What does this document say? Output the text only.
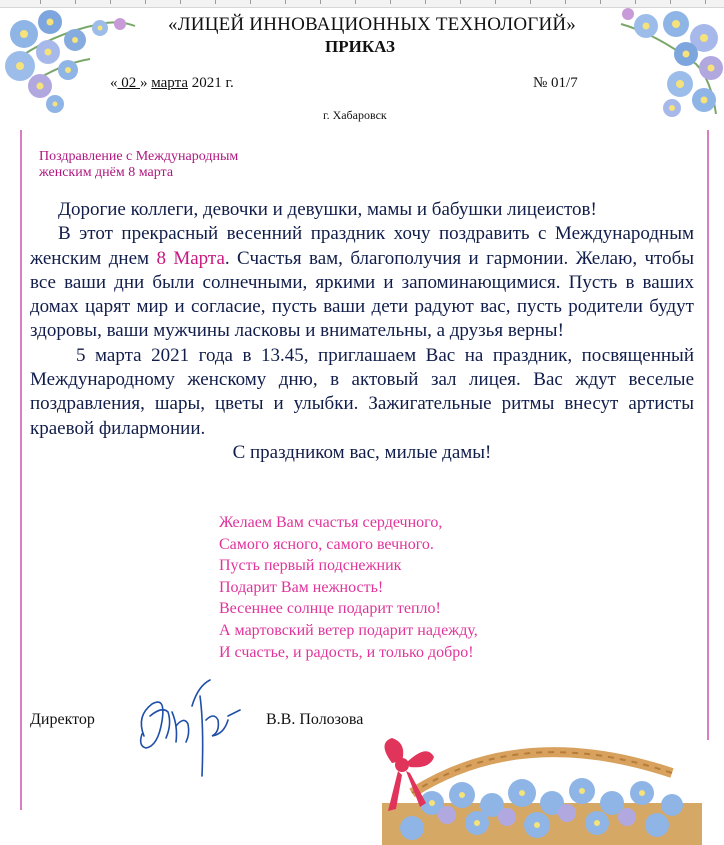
«ЛИЦЕЙ ИННОВАЦИОННЫХ ТЕХНОЛОГИЙ»
ПРИКАЗ
« 02 » марта 2021 г.	№ 01/7
г. Хабаровск
Поздравление с Международным
женским днём 8 марта

Дорогие коллеги, девочки и девушки, мамы и бабушки лицеистов!

В этот прекрасный весенний праздник хочу поздравить с Международным женским днем 8 Марта. Счастья вам, благополучия и гармонии. Желаю, чтобы все ваши дни были солнечными, яркими и запоминающимися. Пусть в ваших домах царят мир и согласие, пусть ваши дети радуют вас, пусть родители будут здоровы, ваши мужчины ласковы и внимательны, а друзья верны!

5 марта 2021 года в 13.45, приглашаем Вас на праздник, посвященный Международному женскому дню, в актовый зал лицея. Вас ждут веселые поздравления, шары, цветы и улыбки. Зажигательные ритмы внесут артисты краевой филармонии.

С праздником вас, милые дамы!

Желаем Вам счастья сердечного,
Самого ясного, самого вечного.
Пусть первый подснежник
Подарит Вам нежность!
Весеннее солнце подарит тепло!
А мартовский ветер подарит надежду,
И счастье, и радость, и только добро!
Директор	В.В. Полозова
